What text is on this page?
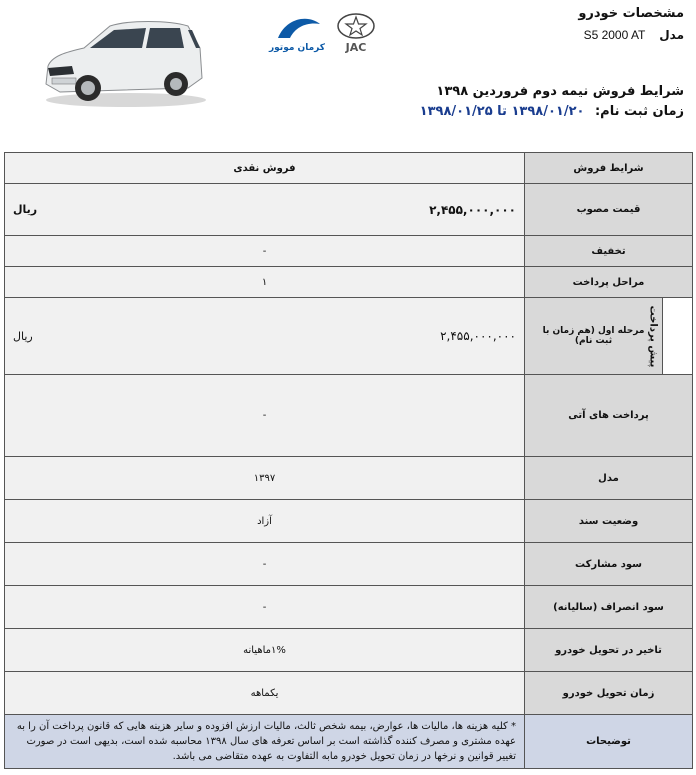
مشخصات خودرو
مدل S5 2000 AT
شرایط فروش نیمه دوم فروردین ۱۳۹۸
زمان ثبت نام: ۱۳۹۸/۰۱/۲۰ تا ۱۳۹۸/۰۱/۲۵
JAC
کرمان موتور
شرایط فروش		فروش نقدی
قیمت مصوب		۲,۴۵۵,۰۰۰,۰۰۰
ریال

تخفیف		-
مراحل پرداخت		۱
پیش پرداخت	مرحله اول (هم زمان با ثبت نام)	۲,۴۵۵,۰۰۰,۰۰۰
ریال

پرداخت های آتی		-
مدل		۱۳۹۷
وضعیت سند		آزاد
سود مشارکت		-
سود انصراف (سالیانه)		-
تاخیر در تحویل خودرو		۱%ماهیانه
زمان تحویل خودرو		یکماهه
توضیحات		* کلیه هزینه ها، مالیات ها، عوارض، بیمه شخص ثالث، مالیات ارزش افزوده و سایر هزینه هایی که قانون پرداخت آن را به عهده مشتری و مصرف کننده گذاشته است بر اساس تعرفه های سال ۱۳۹۸ محاسبه شده است، بدیهی است در صورت تغییر قوانین و نرخها در زمان تحویل خودرو مابه التفاوت به عهده متقاضی می باشد.
